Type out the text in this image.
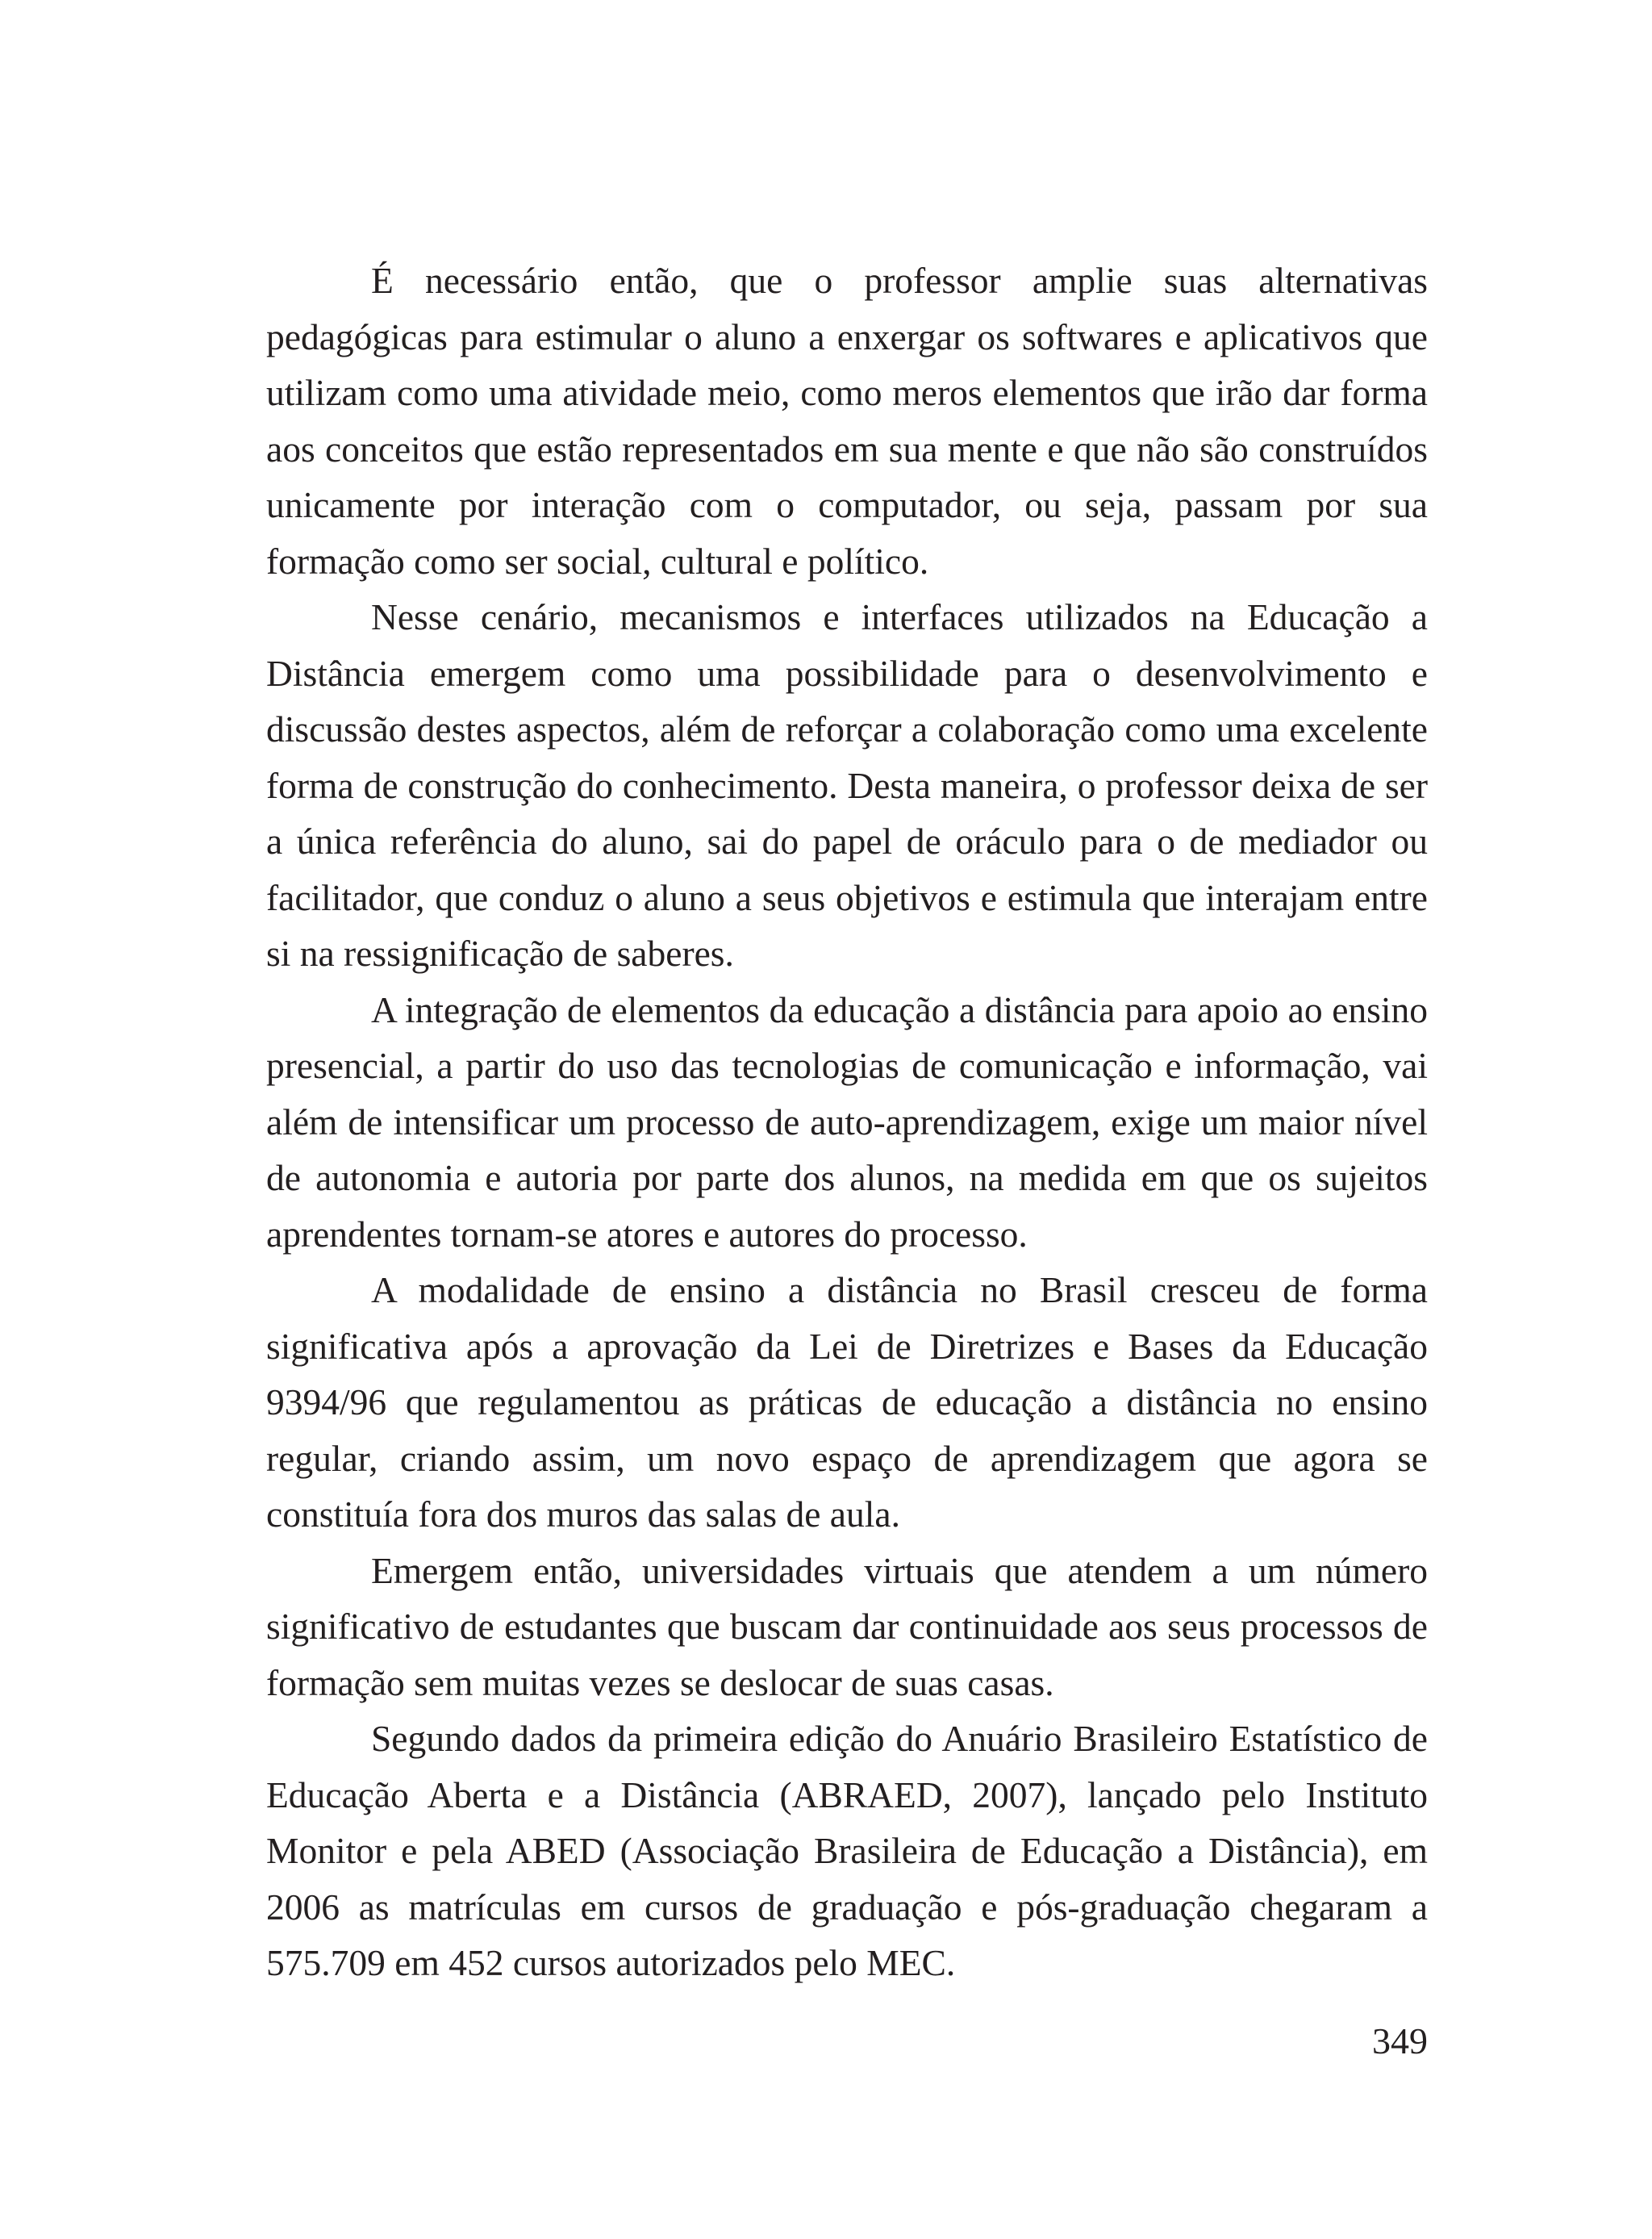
É necessário então, que o professor amplie suas alternativas pedagógicas para estimular o aluno a enxergar os softwares e aplicativos que utilizam como uma atividade meio, como meros elementos que irão dar forma aos conceitos que estão representados em sua mente e que não são construídos unicamente por interação com o computador, ou seja, passam por sua formação como ser social, cultural e político.

Nesse cenário, mecanismos e interfaces utilizados na Educação a Distância emergem como uma possibilidade para o desenvolvimento e discussão destes aspectos, além de reforçar a colaboração como uma excelente forma de construção do conhecimento. Desta maneira, o professor deixa de ser a única referência do aluno, sai do papel de oráculo para o de mediador ou facilitador, que conduz o aluno a seus objetivos e estimula que interajam entre si na ressignificação de saberes.

A integração de elementos da educação a distância para apoio ao ensino presencial, a partir do uso das tecnologias de comunicação e informação, vai além de intensificar um processo de auto-aprendizagem, exige um maior nível de autonomia e autoria por parte dos alunos, na medida em que os sujeitos aprendentes tornam-se atores e autores do processo.

A modalidade de ensino a distância no Brasil cresceu de forma significativa após a aprovação da Lei de Diretrizes e Bases da Educação 9394/96 que regulamentou as práticas de educação a distância no ensino regular, criando assim, um novo espaço de aprendizagem que agora se constituía fora dos muros das salas de aula.

Emergem então, universidades virtuais que atendem a um número significativo de estudantes que buscam dar continuidade aos seus processos de formação sem muitas vezes se deslocar de suas casas.

Segundo dados da primeira edição do Anuário Brasileiro Estatístico de Educação Aberta e a Distância (ABRAED, 2007), lançado pelo Instituto Monitor e pela ABED (Associação Brasileira de Educação a Distância), em 2006 as matrículas em cursos de graduação e pós-graduação chegaram a 575.709 em 452 cursos autorizados pelo MEC.

349
